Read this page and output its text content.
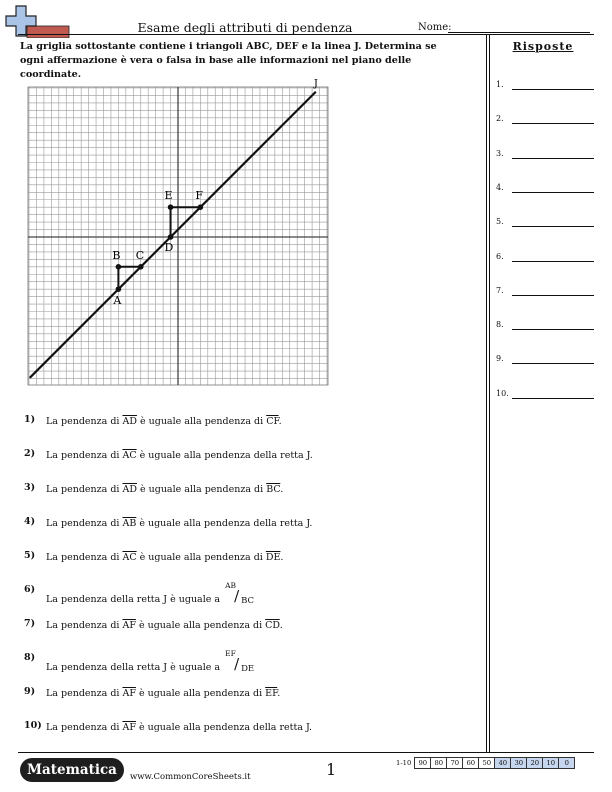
Esame degli attributi di pendenza	Nome:
La griglia sottostante contiene i triangoli ABC, DEF e la linea J. Determina se ogni affermazione è vera o falsa in base alle informazioni nel piano delle coordinate.
J
A
B C
D
E F
1) La pendenza di $\overline{AD}$ è uguale alla pendenza di $\overline{CF}$.
2) La pendenza di $\overline{AC}$ è uguale alla pendenza della retta J.
3) La pendenza di $\overline{AD}$ è uguale alla pendenza di $\overline{BC}$.
4) La pendenza di $\overline{AB}$ è uguale alla pendenza della retta J.
5) La pendenza di $\overline{AC}$ è uguale alla pendenza di $\overline{DE}$.
6)
La pendenza della retta J è uguale a
AB
/ BC
7) La pendenza di $\overline{AF}$ è uguale alla pendenza di $\overline{CD}$.
8)
La pendenza della retta J è uguale a
EF
/ DE
9) La pendenza di $\overline{AF}$ è uguale alla pendenza di $\overline{EF}$.
10) La pendenza di $\overline{AF}$ è uguale alla pendenza della retta J.
Risposte
1.
2.
3.
4.
5.
6.
7.
8.
9.
10.
Matematica	www.CommonCoreSheets.it	1	1-10	90	80	70	60	50	40	30	20	10	0
